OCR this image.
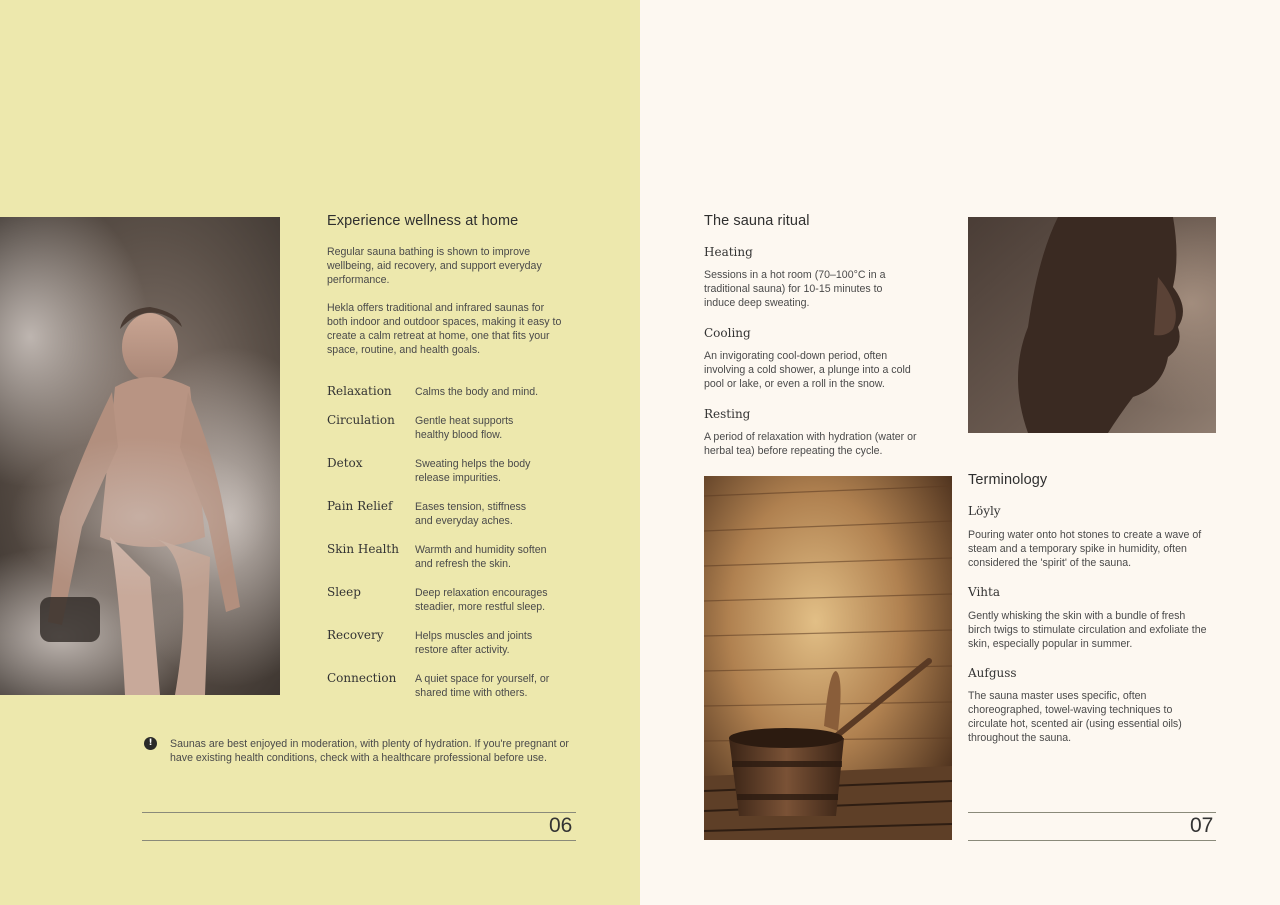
Experience wellness at home
Regular sauna bathing is shown to improve wellbeing, aid recovery, and support everyday performance.
Hekla offers traditional and infrared saunas for both indoor and outdoor spaces, making it easy to create a calm retreat at home, one that fits your space, routine, and health goals.
Relaxation Calms the body and mind.
Circulation Gentle heat supports healthy blood flow.
Detox	Sweating helps the body release impurities.
Pain Relief Eases tension, stiffness and everyday aches.
Skin Health Warmth and humidity soften and refresh the skin.
Sleep	Deep relaxation encourages steadier, more restful sleep.
Recovery	Helps muscles and joints restore after activity.
Connection A quiet space for yourself, or shared time with others.
!	Saunas are best enjoyed in moderation, with plenty of hydration. If you're pregnant or have existing health conditions, check with a healthcare professional before use.
06
The sauna ritual
Heating
Sessions in a hot room (70–100°C in a traditional sauna) for 10-15 minutes to induce deep sweating.
Cooling
An invigorating cool-down period, often involving a cold shower, a plunge into a cold pool or lake, or even a roll in the snow.
Resting
A period of relaxation with hydration (water or herbal tea) before repeating the cycle.
Terminology
Löyly
Pouring water onto hot stones to create a wave of steam and a temporary spike in humidity, often considered the 'spirit' of the sauna.
Vihta
Gently whisking the skin with a bundle of fresh birch twigs to stimulate circulation and exfoliate the skin, especially popular in summer.
Aufguss
The sauna master uses specific, often choreographed, towel-waving techniques to circulate hot, scented air (using essential oils) throughout the sauna.
07
